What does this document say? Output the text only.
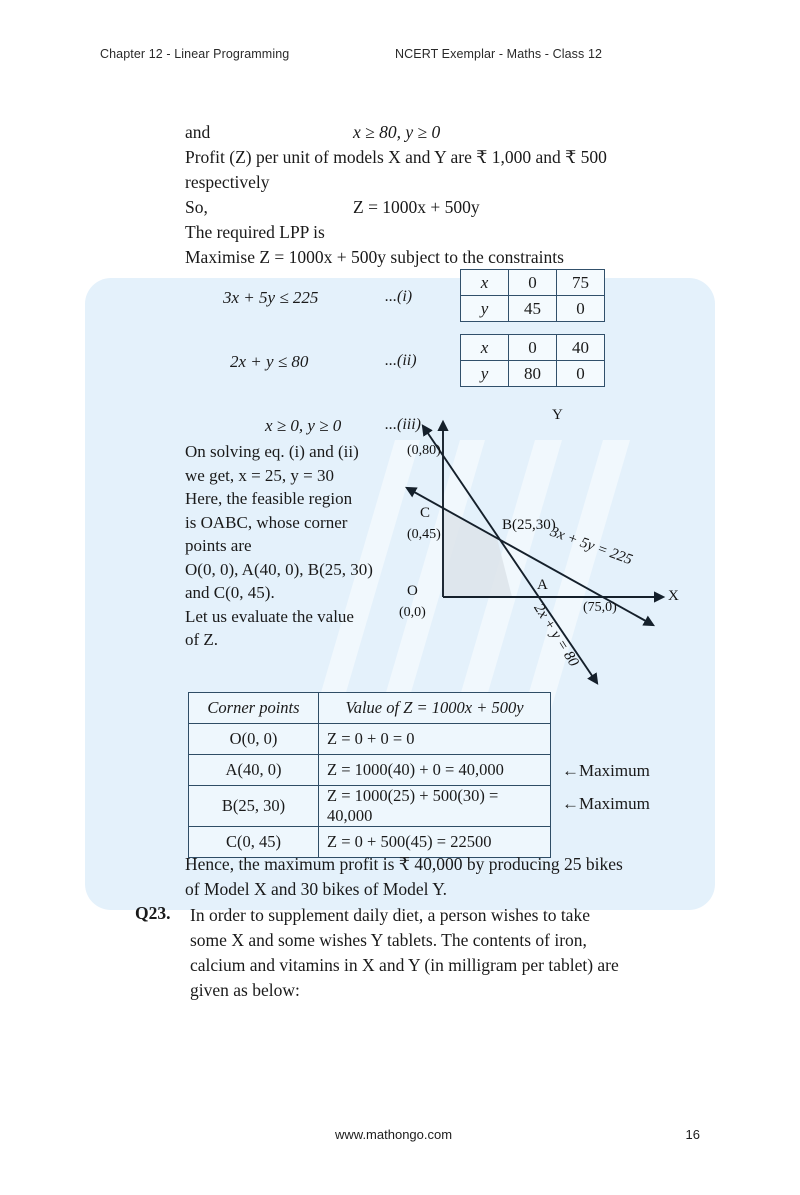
Chapter 12 - Linear Programming	NCERT Exemplar - Maths - Class 12
and	x ≥ 80, y ≥ 0
Profit (Z) per unit of models X and Y are ₹ 1,000 and ₹ 500
respectively
So,	Z = 1000x + 500y
The required LPP is
Maximise Z = 1000x + 500y subject to the constraints
3x + 5y ≤ 225	...(i)
2x + y ≤ 80	...(ii)
x ≥ 0, y ≥ 0	...(iii)
x	0	75
y	45	0
x	0	40
y	80	0
On solving eq. (i) and (ii)
we get, x = 25, y = 30
Here, the feasible region
is OABC, whose corner
points are
O(0, 0), A(40, 0), B(25, 30)
and C(0, 45).
Let us evaluate the value
of Z.
Y
X
O
(0,0)
(0,80)
C
(0,45)
B(25,30)
A
(75,0)
3x + 5y = 225
2x + y = 80
Corner points	Value of Z = 1000x + 500y
O(0, 0)	Z = 0 + 0 = 0
A(40, 0)	Z = 1000(40) + 0 = 40,000
B(25, 30)	Z = 1000(25) + 500(30) = 40,000
C(0, 45)	Z = 0 + 500(45) = 22500
←Maximum
←Maximum
Hence, the maximum profit is ₹ 40,000 by producing 25 bikes
of Model X and 30 bikes of Model Y.
Q23. In order to supplement daily diet, a person wishes to take
some X and some wishes Y tablets. The contents of iron,
calcium and vitamins in X and Y (in milligram per tablet) are
given as below:
www.mathongo.com	16
